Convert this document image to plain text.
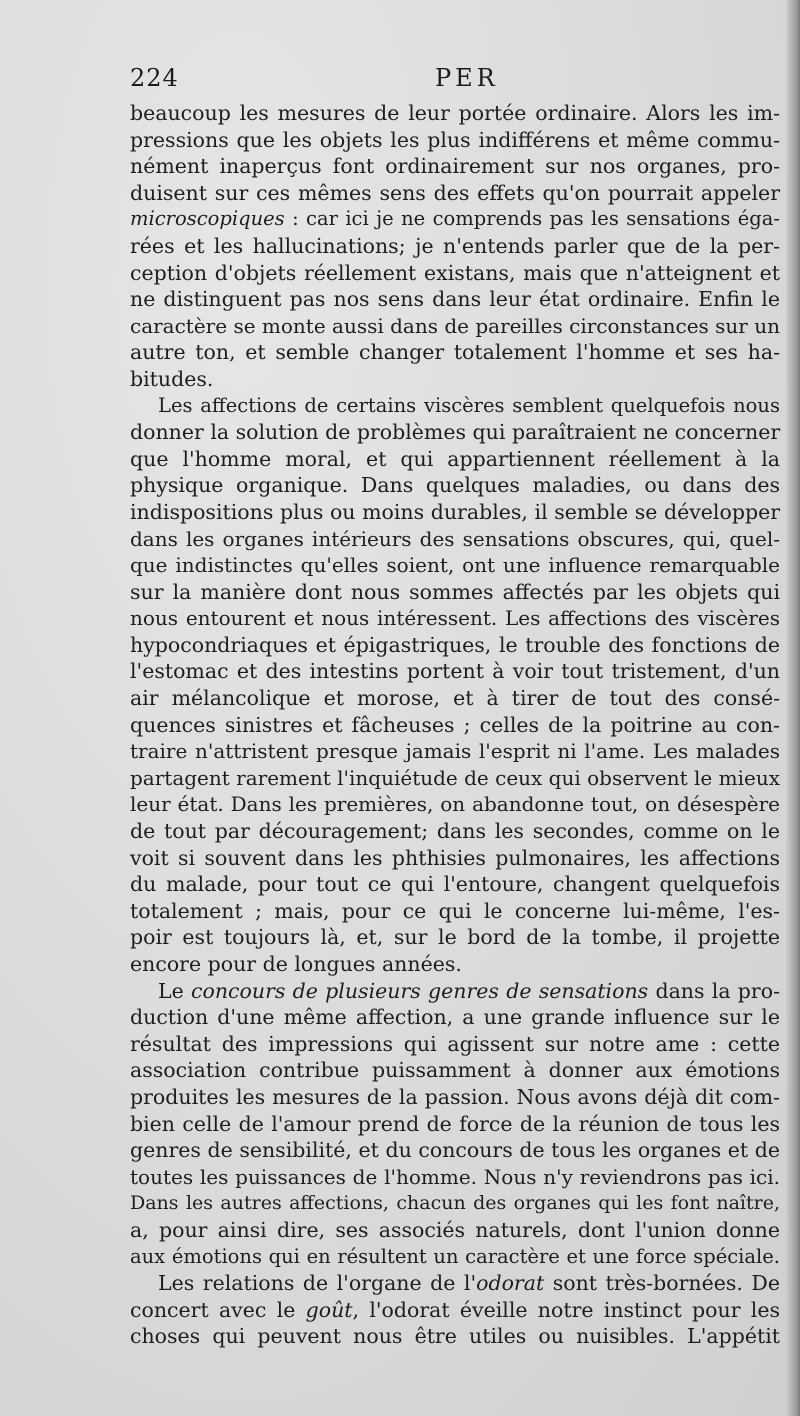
224	PER
beaucoup les mesures de leur portée ordinaire. Alors les im-
pressions que les objets les plus indifférens et même commu-
nément inaperçus font ordinairement sur nos organes, pro-
duisent sur ces mêmes sens des effets qu'on pourrait appeler
microscopiques : car ici je ne comprends pas les sensations éga-
rées et les hallucinations; je n'entends parler que de la per-
ception d'objets réellement existans, mais que n'atteignent et
ne distinguent pas nos sens dans leur état ordinaire. Enfin le
caractère se monte aussi dans de pareilles circonstances sur un
autre ton, et semble changer totalement l'homme et ses ha-
bitudes.
Les affections de certains viscères semblent quelquefois nous
donner la solution de problèmes qui paraîtraient ne concerner
que l'homme moral, et qui appartiennent réellement à la
physique organique. Dans quelques maladies, ou dans des
indispositions plus ou moins durables, il semble se développer
dans les organes intérieurs des sensations obscures, qui, quel-
que indistinctes qu'elles soient, ont une influence remarquable
sur la manière dont nous sommes affectés par les objets qui
nous entourent et nous intéressent. Les affections des viscères
hypocondriaques et épigastriques, le trouble des fonctions de
l'estomac et des intestins portent à voir tout tristement, d'un
air mélancolique et morose, et à tirer de tout des consé-
quences sinistres et fâcheuses ; celles de la poitrine au con-
traire n'attristent presque jamais l'esprit ni l'ame. Les malades
partagent rarement l'inquiétude de ceux qui observent le mieux
leur état. Dans les premières, on abandonne tout, on désespère
de tout par découragement; dans les secondes, comme on le
voit si souvent dans les phthisies pulmonaires, les affections
du malade, pour tout ce qui l'entoure, changent quelquefois
totalement ; mais, pour ce qui le concerne lui-même, l'es-
poir est toujours là, et, sur le bord de la tombe, il projette
encore pour de longues années.
Le concours de plusieurs genres de sensations dans la pro-
duction d'une même affection, a une grande influence sur le
résultat des impressions qui agissent sur notre ame : cette
association contribue puissamment à donner aux émotions
produites les mesures de la passion. Nous avons déjà dit com-
bien celle de l'amour prend de force de la réunion de tous les
genres de sensibilité, et du concours de tous les organes et de
toutes les puissances de l'homme. Nous n'y reviendrons pas ici.
Dans les autres affections, chacun des organes qui les font naître,
a, pour ainsi dire, ses associés naturels, dont l'union donne
aux émotions qui en résultent un caractère et une force spéciale.
Les relations de l'organe de l'odorat sont très-bornées. De
concert avec le goût, l'odorat éveille notre instinct pour les
choses qui peuvent nous être utiles ou nuisibles. L'appétit
